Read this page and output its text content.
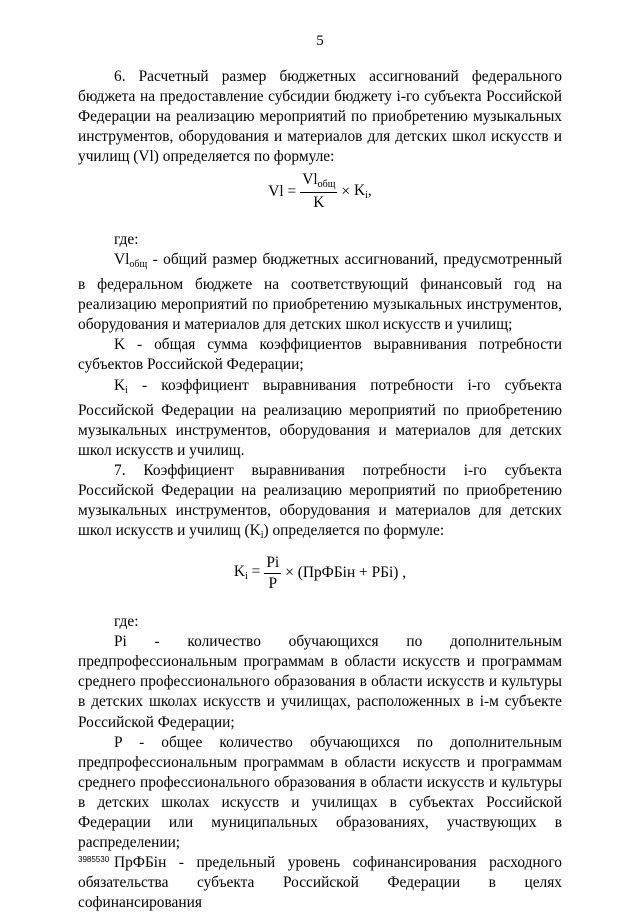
5

6. Расчетный размер бюджетных ассигнований федерального бюджета на предоставление субсидии бюджету i-го субъекта Российской Федерации на реализацию мероприятий по приобретению музыкальных инструментов, оборудования и материалов для детских школ искусств и училищ (Vl) определяется по формуле:

$Vl = \frac{Vl_{общ}}{K} \times K_i$,

где:

$Vl_{общ}$ - общий размер бюджетных ассигнований, предусмотренный в федеральном бюджете на соответствующий финансовый год на реализацию мероприятий по приобретению музыкальных инструментов, оборудования и материалов для детских школ искусств и училищ;

K - общая сумма коэффициентов выравнивания потребности субъектов Российской Федерации;

$K_i$ - коэффициент выравнивания потребности i-го субъекта Российской Федерации на реализацию мероприятий по приобретению музыкальных инструментов, оборудования и материалов для детских школ искусств и училищ.

7. Коэффициент выравнивания потребности i-го субъекта Российской Федерации на реализацию мероприятий по приобретению музыкальных инструментов, оборудования и материалов для детских школ искусств и училищ $(K_i)$ определяется по формуле:

$K_i = \frac{Pi}{P}$ × (ПрФБiн + PБi) ,

где:

Pi - количество обучающихся по дополнительным предпрофессиональным программам в области искусств и программам среднего профессионального образования в области искусств и культуры в детских школах искусств и училищах, расположенных в i-м субъекте Российской Федерации;

P - общее количество обучающихся по дополнительным предпрофессиональным программам в области искусств и программам среднего профессионального образования в области искусств и культуры в детских школах искусств и училищах в субъектах Российской Федерации или муниципальных образованиях, участвующих в распределении;

ПрФБiн - предельный уровень софинансирования расходного обязательства субъекта Российской Федерации в целях софинансирования

3985530
